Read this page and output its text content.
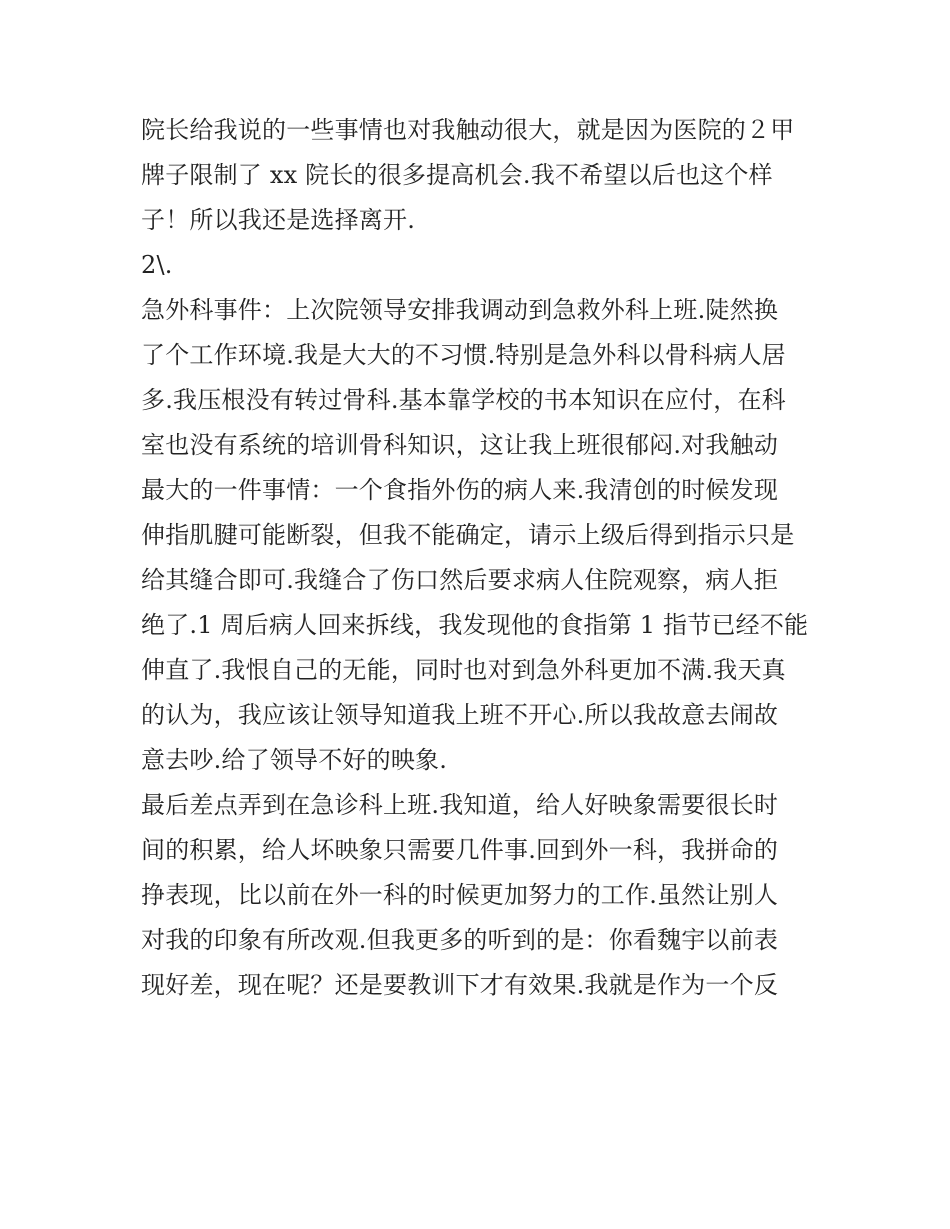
院长给我说的一些事情也对我触动很大，就是因为医院的２甲
牌子限制了 xx 院长的很多提高机会.我不希望以后也这个样
子！所以我还是选择离开.
2\.
急外科事件：上次院领导安排我调动到急救外科上班.陡然换
了个工作环境.我是大大的不习惯.特别是急外科以骨科病人居
多.我压根没有转过骨科.基本靠学校的书本知识在应付，在科
室也没有系统的培训骨科知识，这让我上班很郁闷.对我触动
最大的一件事情：一个食指外伤的病人来.我清创的时候发现
伸指肌腱可能断裂，但我不能确定，请示上级后得到指示只是
给其缝合即可.我缝合了伤口然后要求病人住院观察，病人拒
绝了.1 周后病人回来拆线，我发现他的食指第 1 指节已经不能
伸直了.我恨自己的无能，同时也对到急外科更加不满.我天真
的认为，我应该让领导知道我上班不开心.所以我故意去闹故
意去吵.给了领导不好的映象.
最后差点弄到在急诊科上班.我知道，给人好映象需要很长时
间的积累，给人坏映象只需要几件事.回到外一科，我拼命的
挣表现，比以前在外一科的时候更加努力的工作.虽然让别人
对我的印象有所改观.但我更多的听到的是：你看魏宇以前表
现好差，现在呢？还是要教训下才有效果.我就是作为一个反
